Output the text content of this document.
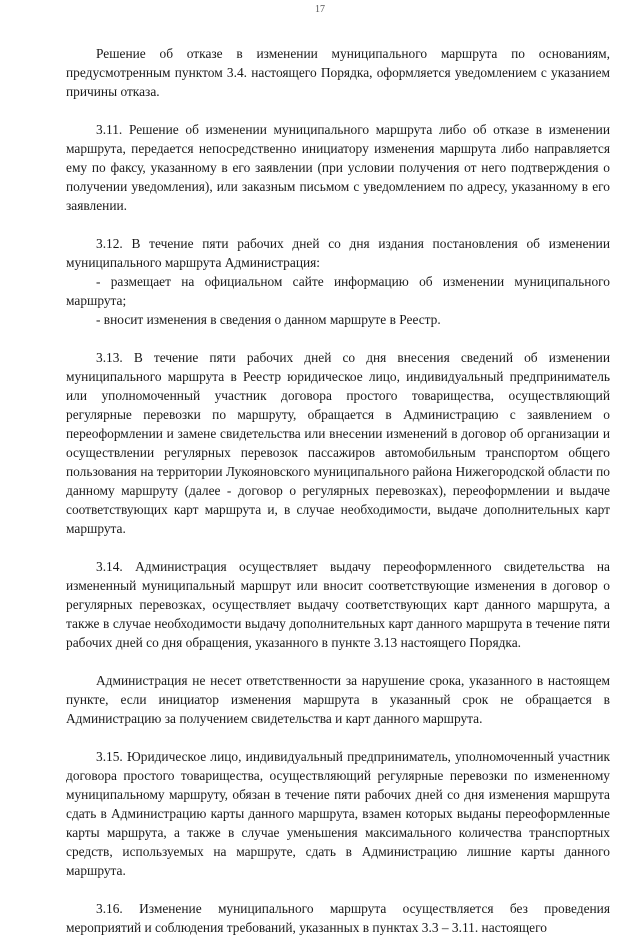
17

Решение об отказе в изменении муниципального маршрута по основаниям, предусмотренным пунктом 3.4. настоящего Порядка, оформляется уведомлением с указанием причины отказа.

3.11. Решение об изменении муниципального маршрута либо об отказе в изменении маршрута, передается непосредственно инициатору изменения маршрута либо направляется ему по факсу, указанному в его заявлении (при условии получения от него подтверждения о получении уведомления), или заказным письмом с уведомлением по адресу, указанному в его заявлении.

3.12. В течение пяти рабочих дней со дня издания постановления об изменении муниципального маршрута Администрация:

- размещает на официальном сайте информацию об изменении муниципального маршрута;

- вносит изменения в сведения о данном маршруте в Реестр.

3.13. В течение пяти рабочих дней со дня внесения сведений об изменении муниципального маршрута в Реестр юридическое лицо, индивидуальный предприниматель или уполномоченный участник договора простого товарищества, осуществляющий регулярные перевозки по маршруту, обращается в Администрацию с заявлением о переоформлении и замене свидетельства или внесении изменений в договор об организации и осуществлении регулярных перевозок пассажиров автомобильным транспортом общего пользования на территории Лукояновского муниципального района Нижегородской области по данному маршруту (далее - договор о регулярных перевозках), переоформлении и выдаче соответствующих карт маршрута и, в случае необходимости, выдаче дополнительных карт маршрута.

3.14. Администрация осуществляет выдачу переоформленного свидетельства на измененный муниципальный маршрут или вносит соответствующие изменения в договор о регулярных перевозках, осуществляет выдачу соответствующих карт данного маршрута, а также в случае необходимости выдачу дополнительных карт данного маршрута в течение пяти рабочих дней со дня обращения, указанного в пункте 3.13 настоящего Порядка.

Администрация не несет ответственности за нарушение срока, указанного в настоящем пункте, если инициатор изменения маршрута в указанный срок не обращается в Администрацию за получением свидетельства и карт данного маршрута.

3.15. Юридическое лицо, индивидуальный предприниматель, уполномоченный участник договора простого товарищества, осуществляющий регулярные перевозки по измененному муниципальному маршруту, обязан в течение пяти рабочих дней со дня изменения маршрута сдать в Администрацию карты данного маршрута, взамен которых выданы переоформленные карты маршрута, а также в случае уменьшения максимального количества транспортных средств, используемых на маршруте, сдать в Администрацию лишние карты данного маршрута.

3.16. Изменение муниципального маршрута осуществляется без проведения мероприятий и соблюдения требований, указанных в пунктах 3.3 – 3.11. настоящего
